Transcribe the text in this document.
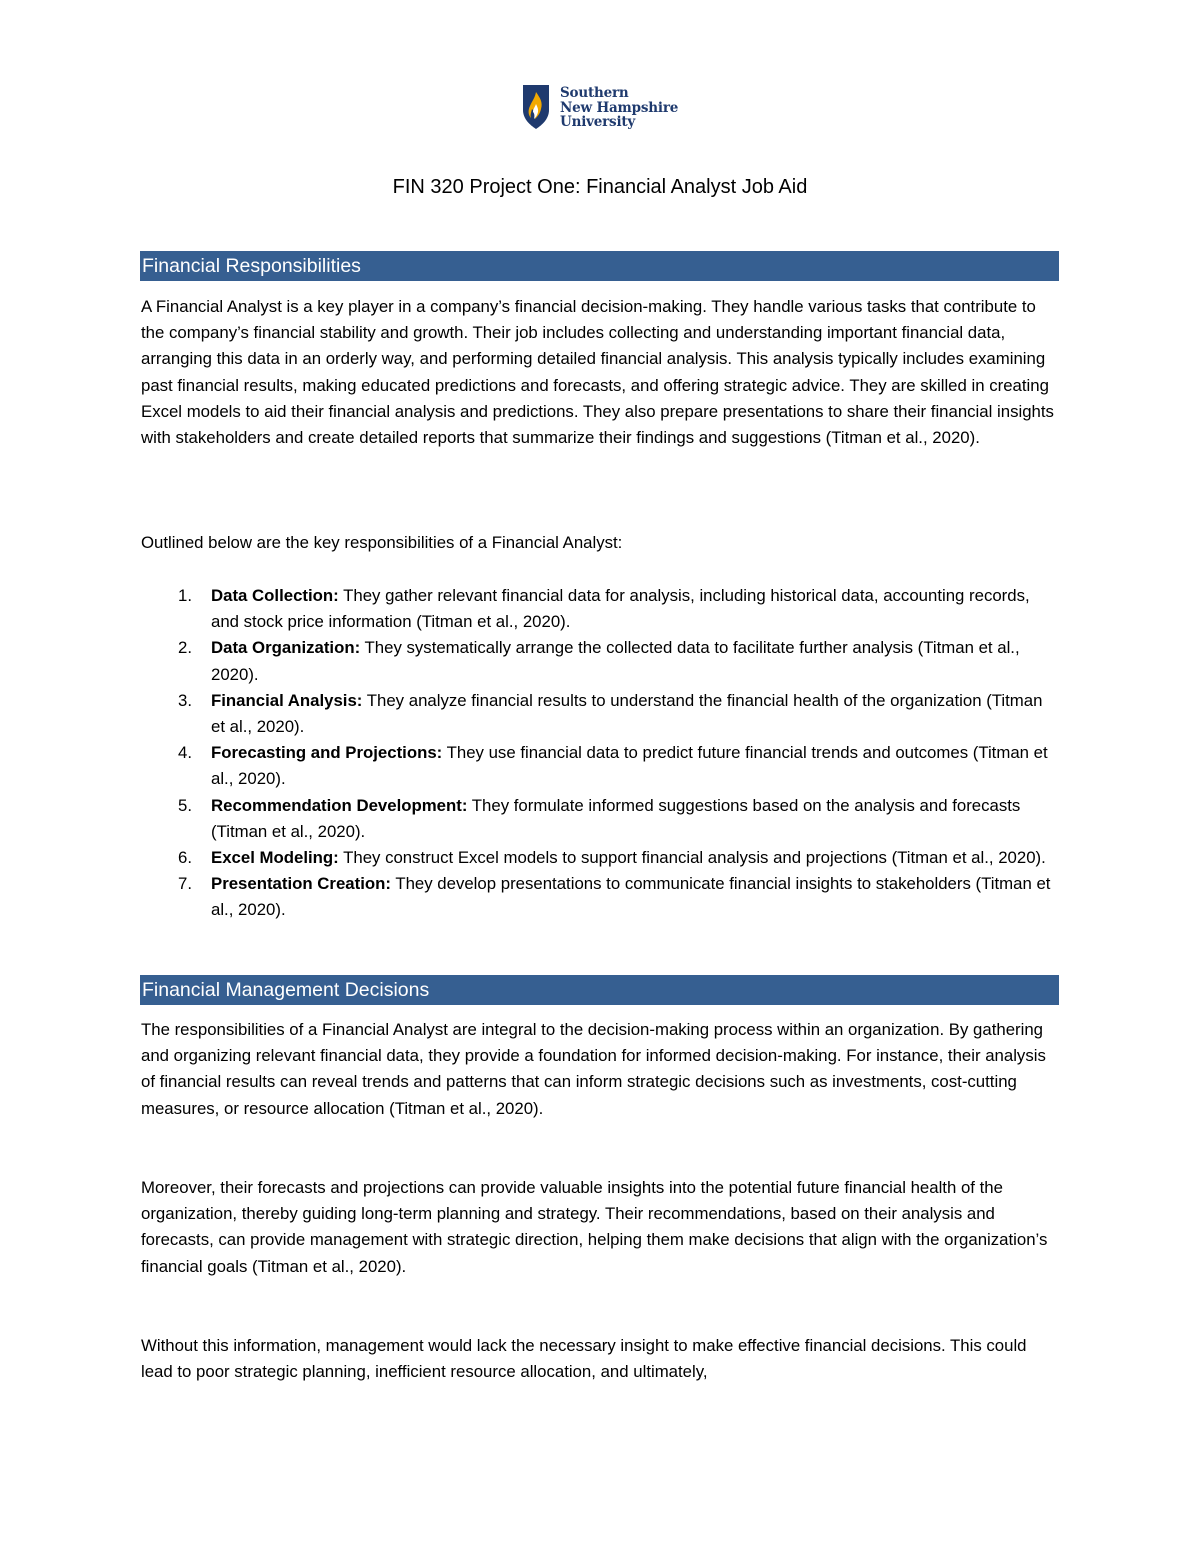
Southern
New Hampshire
University
FIN 320 Project One: Financial Analyst Job Aid
Financial Responsibilities
A Financial Analyst is a key player in a company’s financial decision-making. They handle various tasks that contribute to the company’s financial stability and growth. Their job includes collecting and understanding important financial data, arranging this data in an orderly way, and performing detailed financial analysis. This analysis typically includes examining past financial results, making educated predictions and forecasts, and offering strategic advice. They are skilled in creating Excel models to aid their financial analysis and predictions. They also prepare presentations to share their financial insights with stakeholders and create detailed reports that summarize their findings and suggestions (Titman et al., 2020).
Outlined below are the key responsibilities of a Financial Analyst:
1. Data Collection: They gather relevant financial data for analysis, including historical data, accounting records, and stock price information (Titman et al., 2020).
2. Data Organization: They systematically arrange the collected data to facilitate further analysis (Titman et al., 2020).
3. Financial Analysis: They analyze financial results to understand the financial health of the organization (Titman et al., 2020).
4. Forecasting and Projections: They use financial data to predict future financial trends and outcomes (Titman et al., 2020).
5. Recommendation Development: They formulate informed suggestions based on the analysis and forecasts (Titman et al., 2020).
6. Excel Modeling: They construct Excel models to support financial analysis and projections (Titman et al., 2020).
7. Presentation Creation: They develop presentations to communicate financial insights to stakeholders (Titman et al., 2020).
Financial Management Decisions
The responsibilities of a Financial Analyst are integral to the decision-making process within an organization. By gathering and organizing relevant financial data, they provide a foundation for informed decision-making. For instance, their analysis of financial results can reveal trends and patterns that can inform strategic decisions such as investments, cost-cutting measures, or resource allocation (Titman et al., 2020).
Moreover, their forecasts and projections can provide valuable insights into the potential future financial health of the organization, thereby guiding long-term planning and strategy. Their recommendations, based on their analysis and forecasts, can provide management with strategic direction, helping them make decisions that align with the organization’s financial goals (Titman et al., 2020).
Without this information, management would lack the necessary insight to make effective financial decisions. This could lead to poor strategic planning, inefficient resource allocation, and ultimately,
